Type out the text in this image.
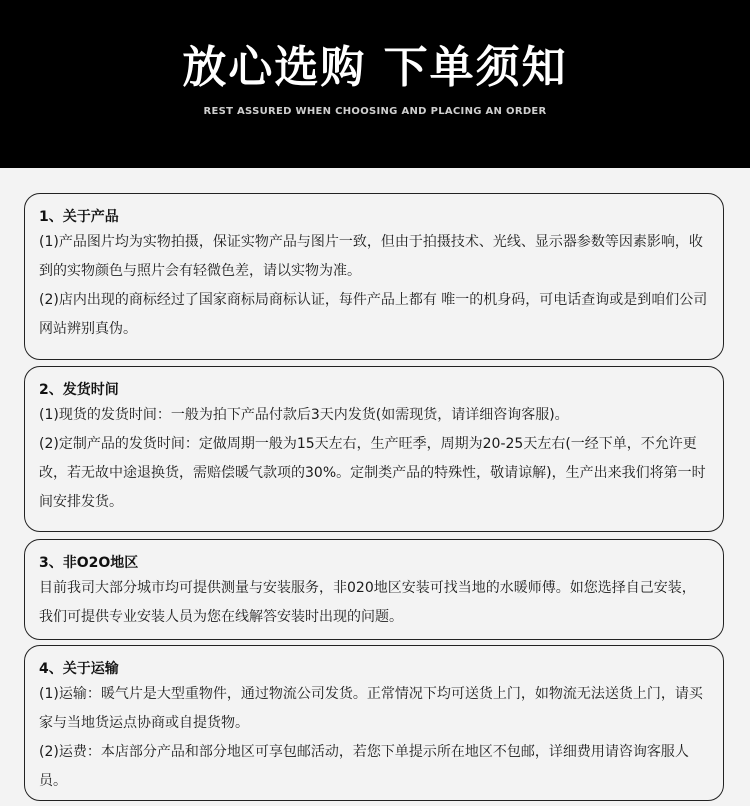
放心选购 下单须知
REST ASSURED WHEN CHOOSING AND PLACING AN ORDER
1、关于产品
(1)产品图片均为实物拍摄，保证实物产品与图片一致，但由于拍摄技术、光线、显示器参数等因素影响，收到的实物颜色与照片会有轻微色差，请以实物为准。
(2)店内出现的商标经过了国家商标局商标认证，每件产品上都有 唯一的机身码，可电话查询或是到咱们公司网站辨别真伪。
2、发货时间
(1)现货的发货时间：一般为拍下产品付款后3天内发货(如需现货，请详细咨询客服)。
(2)定制产品的发货时间：定做周期一般为15天左右，生产旺季，周期为20-25天左右(一经下单，不允许更改，若无故中途退换货，需赔偿暖气款项的30%。定制类产品的特殊性，敬请谅解)，生产出来我们将第一时间安排发货。
3、非O2O地区
目前我司大部分城市均可提供测量与安装服务，非020地区安装可找当地的水暖师傅。如您选择自己安装，我们可提供专业安装人员为您在线解答安装时出现的问题。
4、关于运输
(1)运输：暖气片是大型重物件，通过物流公司发货。正常情况下均可送货上门，如物流无法送货上门，请买家与当地货运点协商或自提货物。
(2)运费：本店部分产品和部分地区可享包邮活动，若您下单提示所在地区不包邮，详细费用请咨询客服人员。
